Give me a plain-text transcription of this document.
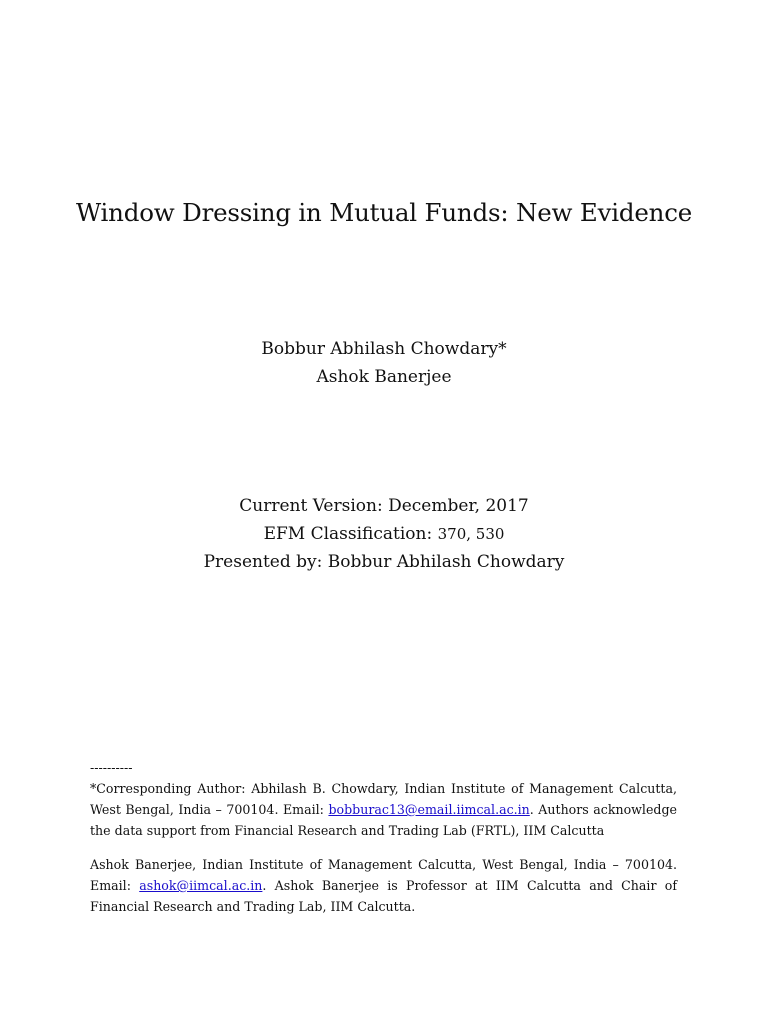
Window Dressing in Mutual Funds: New Evidence
Bobbur Abhilash Chowdary*
Ashok Banerjee
Current Version: December, 2017
EFM Classification: 370, 530
Presented by: Bobbur Abhilash Chowdary
----------

*Corresponding Author: Abhilash B. Chowdary, Indian Institute of Management Calcutta, West Bengal, India – 700104. Email: bobburac13@email.iimcal.ac.in. Authors acknowledge the data support from Financial Research and Trading Lab (FRTL), IIM Calcutta

Ashok Banerjee, Indian Institute of Management Calcutta, West Bengal, India – 700104. Email: ashok@iimcal.ac.in. Ashok Banerjee is Professor at IIM Calcutta and Chair of Financial Research and Trading Lab, IIM Calcutta.
